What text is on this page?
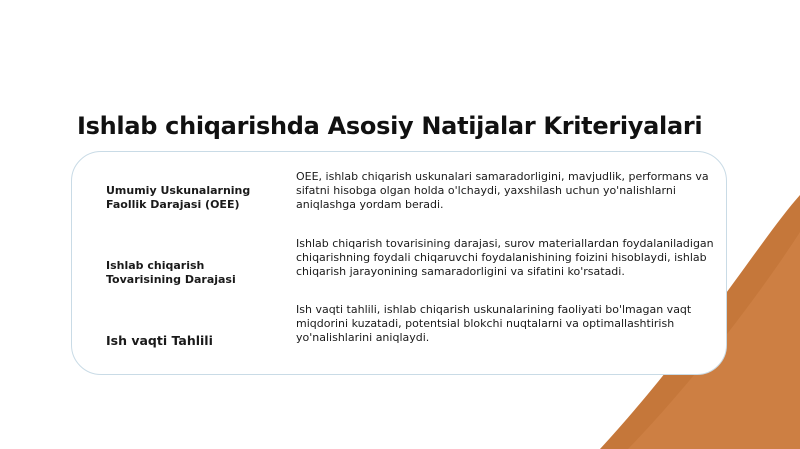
Ishlab chiqarishda Asosiy Natijalar Kriteriyalari

Umumiy Uskunalarning Faollik Darajasi (OEE)

OEE, ishlab chiqarish uskunalari samaradorligini, mavjudlik, performans va sifatni hisobga olgan holda o'lchaydi, yaxshilash uchun yo'nalishlarni aniqlashga yordam beradi.

Ishlab chiqarish Tovarisining Darajasi

Ishlab chiqarish tovarisining darajasi, surov materiallardan foydalaniladigan chiqarishning foydali chiqaruvchi foydalanishining foizini hisoblaydi, ishlab chiqarish jarayonining samaradorligini va sifatini ko'rsatadi.

Ish vaqti Tahlili

Ish vaqti tahlili, ishlab chiqarish uskunalarining faoliyati bo'lmagan vaqt miqdorini kuzatadi, potentsial blokchi nuqtalarni va optimallashtirish yo'nalishlarini aniqlaydi.
